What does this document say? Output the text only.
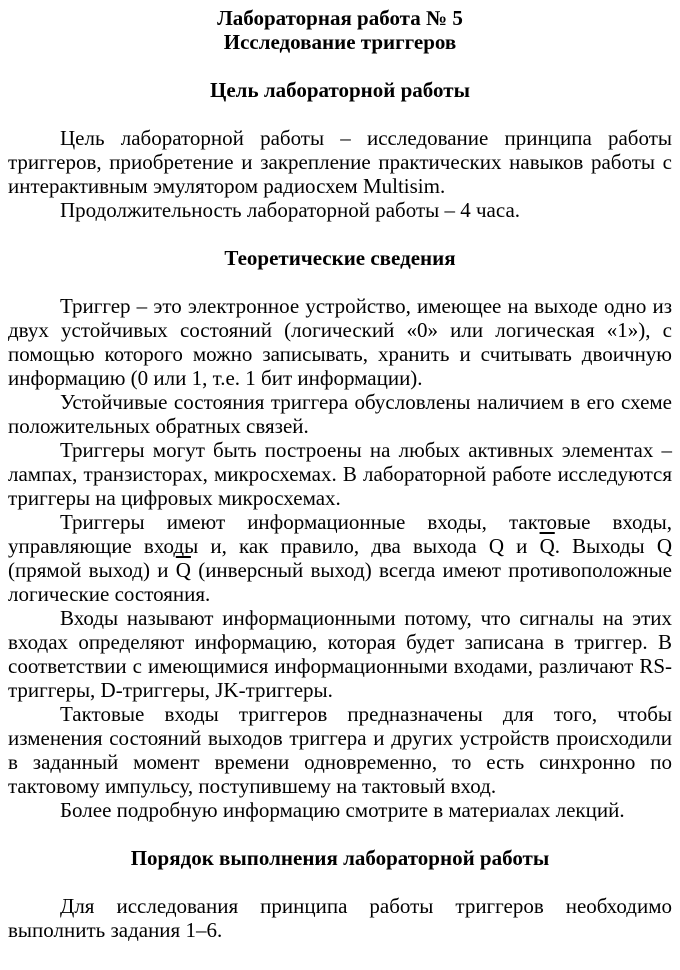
Лабораторная работа № 5

Исследование триггеров

Цель лабораторной работы

Цель лабораторной работы – исследование принципа работы триггеров, приобретение и закрепление практических навыков работы с интерактивным эмулятором радиосхем Multisim.

Продолжительность лабораторной работы – 4 часа.

Теоретические сведения

Триггер – это электронное устройство, имеющее на выходе одно из двух устойчивых состояний (логический «0» или логическая «1»), с помощью которого можно записывать, хранить и считывать двоичную информацию (0 или 1, т.е. 1 бит информации).

Устойчивые состояния триггера обусловлены наличием в его схеме положительных обратных связей.

Триггеры могут быть построены на любых активных элементах – лампах, транзисторах, микросхемах. В лабораторной работе исследуются триггеры на цифровых микросхемах.

Триггеры имеют информационные входы, тактовые входы, управляющие входы и, как правило, два выхода Q и $\overline{Q}$. Выходы Q (прямой выход) и $\overline{Q}$ (инверсный выход) всегда имеют противоположные логические состояния.

Входы называют информационными потому, что сигналы на этих входах определяют информацию, которая будет записана в триггер. В соответствии с имеющимися информационными входами, различают RS-триггеры, D-триггеры, JK-триггеры.

Тактовые входы триггеров предназначены для того, чтобы изменения состояний выходов триггера и других устройств происходили в заданный момент времени одновременно, то есть синхронно по тактовому импульсу, поступившему на тактовый вход.

Более подробную информацию смотрите в материалах лекций.

Порядок выполнения лабораторной работы

Для исследования принципа работы триггеров необходимо выполнить задания 1–6.
